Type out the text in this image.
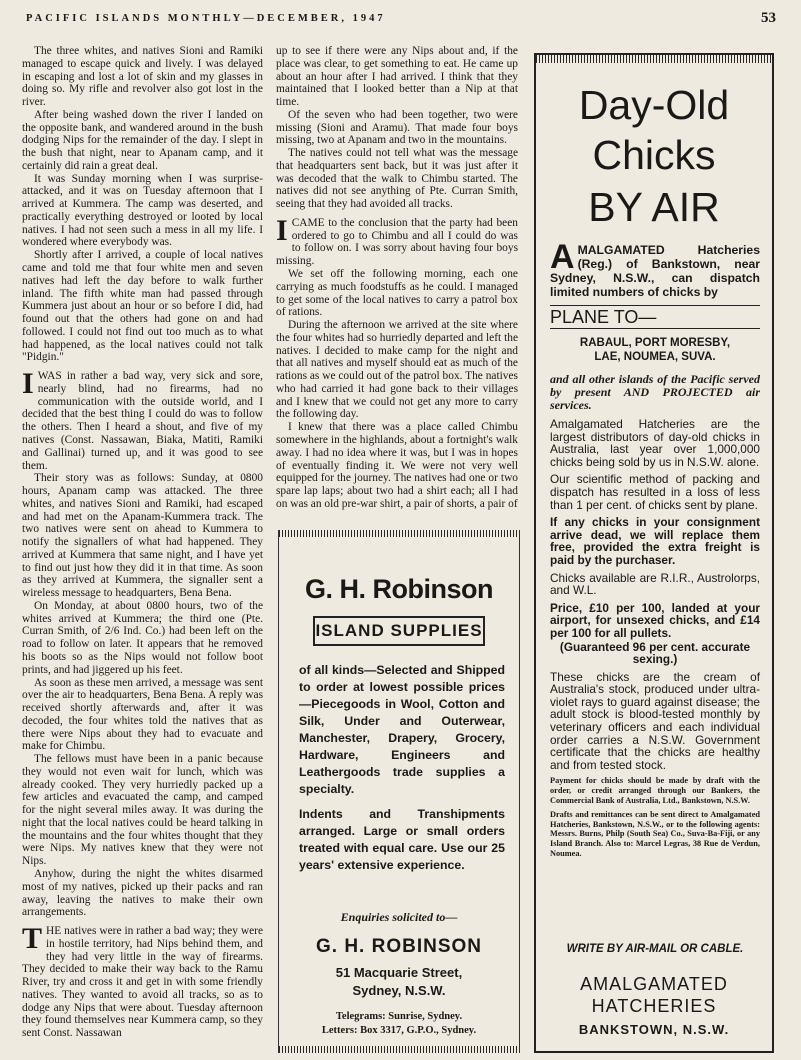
PACIFIC ISLANDS MONTHLY—DECEMBER, 1947	53

The three whites, and natives Sioni and Ramiki managed to escape quick and lively. I was delayed in escaping and lost a lot of skin and my glasses in doing so. My rifle and revolver also got lost in the river.

After being washed down the river I landed on the opposite bank, and wandered around in the bush dodging Nips for the remainder of the day. I slept in the bush that night, near to Apanam camp, and it certainly did rain a great deal.

It was Sunday morning when I was surprise-attacked, and it was on Tuesday afternoon that I arrived at Kummera. The camp was deserted, and practically everything destroyed or looted by local natives. I had not seen such a mess in all my life. I wondered where everybody was.

Shortly after I arrived, a couple of local natives came and told me that four white men and seven natives had left the day before to walk further inland. The fifth white man had passed through Kummera just about an hour or so before I did, had found out that the others had gone on and had followed. I could not find out too much as to what had happened, as the local natives could not talk "Pidgin."

IWAS in rather a bad way, very sick and sore, nearly blind, had no firearms, had no communication with the outside world, and I decided that the best thing I could do was to follow the others. Then I heard a shout, and five of my natives (Const. Nassawan, Biaka, Matiti, Ramiki and Gallinai) turned up, and it was good to see them.

Their story was as follows: Sunday, at 0800 hours, Apanam camp was attacked. The three whites, and natives Sioni and Ramiki, had escaped and had met on the Apanam-Kummera track. The two natives were sent on ahead to Kummera to notify the signallers of what had happened. They arrived at Kummera that same night, and I have yet to find out just how they did it in that time. As soon as they arrived at Kummera, the signaller sent a wireless message to headquarters, Bena Bena.

On Monday, at about 0800 hours, two of the whites arrived at Kummera; the third one (Pte. Curran Smith, of 2/6 Ind. Co.) had been left on the road to follow on later. It appears that he removed his boots so as the Nips would not follow boot prints, and had jiggered up his feet.

As soon as these men arrived, a message was sent over the air to headquarters, Bena Bena. A reply was received shortly afterwards and, after it was decoded, the four whites told the natives that as there were Nips about they had to evacuate and make for Chimbu.

The fellows must have been in a panic because they would not even wait for lunch, which was already cooked. They very hurriedly packed up a few articles and evacuated the camp, and camped for the night several miles away. It was during the night that the local natives could be heard talking in the mountains and the four whites thought that they were Nips. My natives knew that they were not Nips.

Anyhow, during the night the whites disarmed most of my natives, picked up their packs and ran away, leaving the natives to make their own arrangements.

THE natives were in rather a bad way; they were in hostile territory, had Nips behind them, and they had very little in the way of firearms. They decided to make their way back to the Ramu River, try and cross it and get in with some friendly natives. They wanted to avoid all tracks, so as to dodge any Nips that were about. Tuesday afternoon they found themselves near Kummera camp, so they sent Const. Nassawan

up to see if there were any Nips about and, if the place was clear, to get something to eat. He came up about an hour after I had arrived. I think that they maintained that I looked better than a Nip at that time.

Of the seven who had been together, two were missing (Sioni and Aramu). That made four boys missing, two at Apanam and two in the mountains.

The natives could not tell what was the message that headquarters sent back, but it was just after it was decoded that the walk to Chimbu started. The natives did not see anything of Pte. Curran Smith, seeing that they had avoided all tracks.

ICAME to the conclusion that the party had been ordered to go to Chimbu and all I could do was to follow on. I was sorry about having four boys missing.

We set off the following morning, each one carrying as much foodstuffs as he could. I managed to get some of the local natives to carry a patrol box of rations.

During the afternoon we arrived at the site where the four whites had so hurriedly departed and left the natives. I decided to make camp for the night and that all natives and myself should eat as much of the rations as we could out of the patrol box. The natives who had carried it had gone back to their villages and I knew that we could not get any more to carry the following day.

I knew that there was a place called Chimbu somewhere in the highlands, about a fortnight's walk away. I had no idea where it was, but I was in hopes of eventually finding it. We were not very well equipped for the journey. The natives had one or two spare lap laps; about two had a shirt each; all I had on was an old pre-war shirt, a pair of shorts, a pair of

G. H. Robinson
ISLAND SUPPLIES
of all kinds—Selected and Shipped to order at lowest possible prices—Piecegoods in Wool, Cotton and Silk, Under and Outerwear, Manchester, Drapery, Grocery, Hardware, Engineers and Leathergoods trade supplies a specialty.
Indents and Transhipments arranged. Large or small orders treated with equal care. Use our 25 years' extensive experience.
Enquiries solicited to—
G. H. ROBINSON
51 Macquarie Street,
Sydney, N.S.W.
Telegrams: Sunrise, Sydney.
Letters: Box 3317, G.P.O., Sydney.
Day-Old
Chicks
BY AIR
AMALGAMATED Hatcheries (Reg.) of Bankstown, near Sydney, N.S.W., can dispatch limited numbers of chicks by
PLANE TO—
RABAUL, PORT MORESBY,
LAE, NOUMEA, SUVA.
and all other islands of the Pacific served by present AND PROJECTED air services.

Amalgamated Hatcheries are the largest distributors of day-old chicks in Australia, last year over 1,000,000 chicks being sold by us in N.S.W. alone.

Our scientific method of packing and dispatch has resulted in a loss of less than 1 per cent. of chicks sent by plane.

If any chicks in your consignment arrive dead, we will replace them free, provided the extra freight is paid by the purchaser.

Chicks available are R.I.R., Austrolorps, and W.L.

Price, £10 per 100, landed at your airport, for unsexed chicks, and £14 per 100 for all pullets.

(Guaranteed 96 per cent. accurate sexing.)

These chicks are the cream of Australia's stock, produced under ultra-violet rays to guard against disease; the adult stock is blood-tested monthly by veterinary officers and each individual order carries a N.S.W. Government certificate that the chicks are healthy and from tested stock.

Payment for chicks should be made by draft with the order, or credit arranged through our Bankers, the Commercial Bank of Australia, Ltd., Bankstown, N.S.W.

Drafts and remittances can be sent direct to Amalgamated Hatcheries, Bankstown, N.S.W., or to the following agents: Messrs. Burns, Philp (South Sea) Co., Suva-Ba-Fiji, or any Island Branch. Also to: Marcel Legras, 38 Rue de Verdun, Noumea.

WRITE BY AIR-MAIL OR CABLE.
AMALGAMATED
HATCHERIES
BANKSTOWN, N.S.W.
